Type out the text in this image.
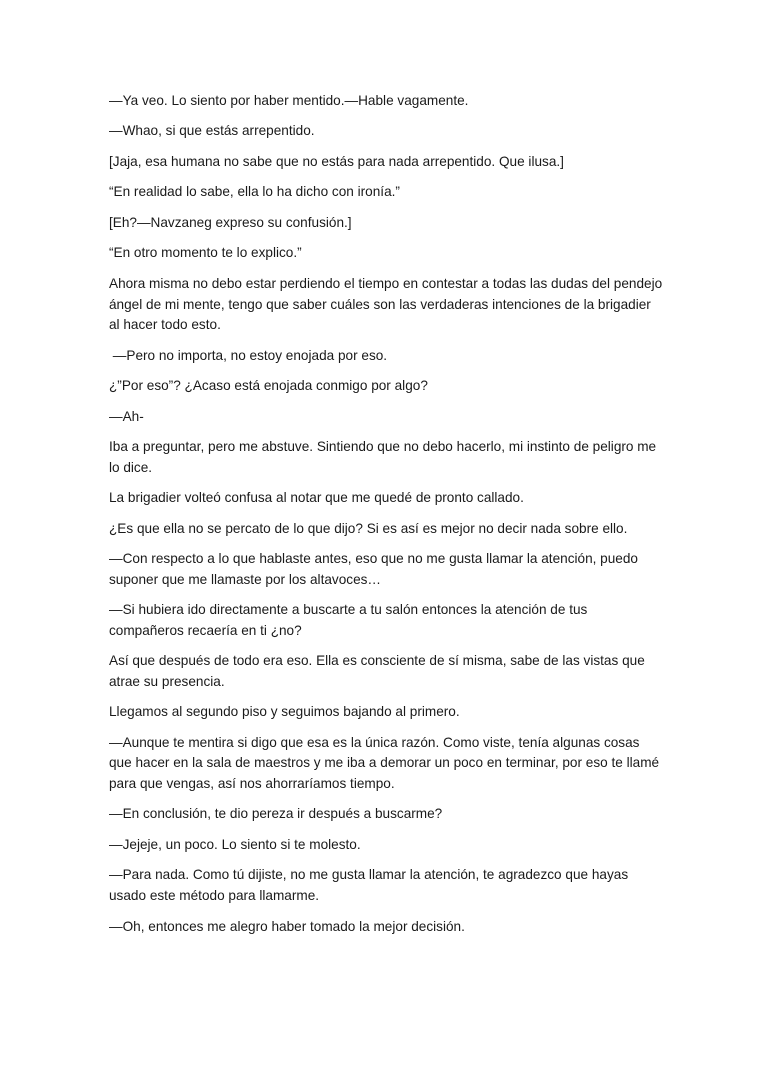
—Ya veo. Lo siento por haber mentido.—Hable vagamente.

—Whao, si que estás arrepentido.

[Jaja, esa humana no sabe que no estás para nada arrepentido. Que ilusa.]

“En realidad lo sabe, ella lo ha dicho con ironía.”

[Eh?—Navzaneg expreso su confusión.]

“En otro momento te lo explico.”

Ahora misma no debo estar perdiendo el tiempo en contestar a todas las dudas del pendejo ángel de mi mente, tengo que saber cuáles son las verdaderas intenciones de la brigadier al hacer todo esto.

—Pero no importa, no estoy enojada por eso.

¿”Por eso”? ¿Acaso está enojada conmigo por algo?

—Ah-

Iba a preguntar, pero me abstuve. Sintiendo que no debo hacerlo, mi instinto de peligro me lo dice.

La brigadier volteó confusa al notar que me quedé de pronto callado.

¿Es que ella no se percato de lo que dijo? Si es así es mejor no decir nada sobre ello.

—Con respecto a lo que hablaste antes, eso que no me gusta llamar la atención, puedo suponer que me llamaste por los altavoces…

—Si hubiera ido directamente a buscarte a tu salón entonces la atención de tus compañeros recaería en ti ¿no?

Así que después de todo era eso. Ella es consciente de sí misma, sabe de las vistas que atrae su presencia.

Llegamos al segundo piso y seguimos bajando al primero.

—Aunque te mentira si digo que esa es la única razón. Como viste, tenía algunas cosas que hacer en la sala de maestros y me iba a demorar un poco en terminar, por eso te llamé para que vengas, así nos ahorraríamos tiempo.

—En conclusión, te dio pereza ir después a buscarme?

—Jejeje, un poco. Lo siento si te molesto.

—Para nada. Como tú dijiste, no me gusta llamar la atención, te agradezco que hayas usado este método para llamarme.

—Oh, entonces me alegro haber tomado la mejor decisión.
